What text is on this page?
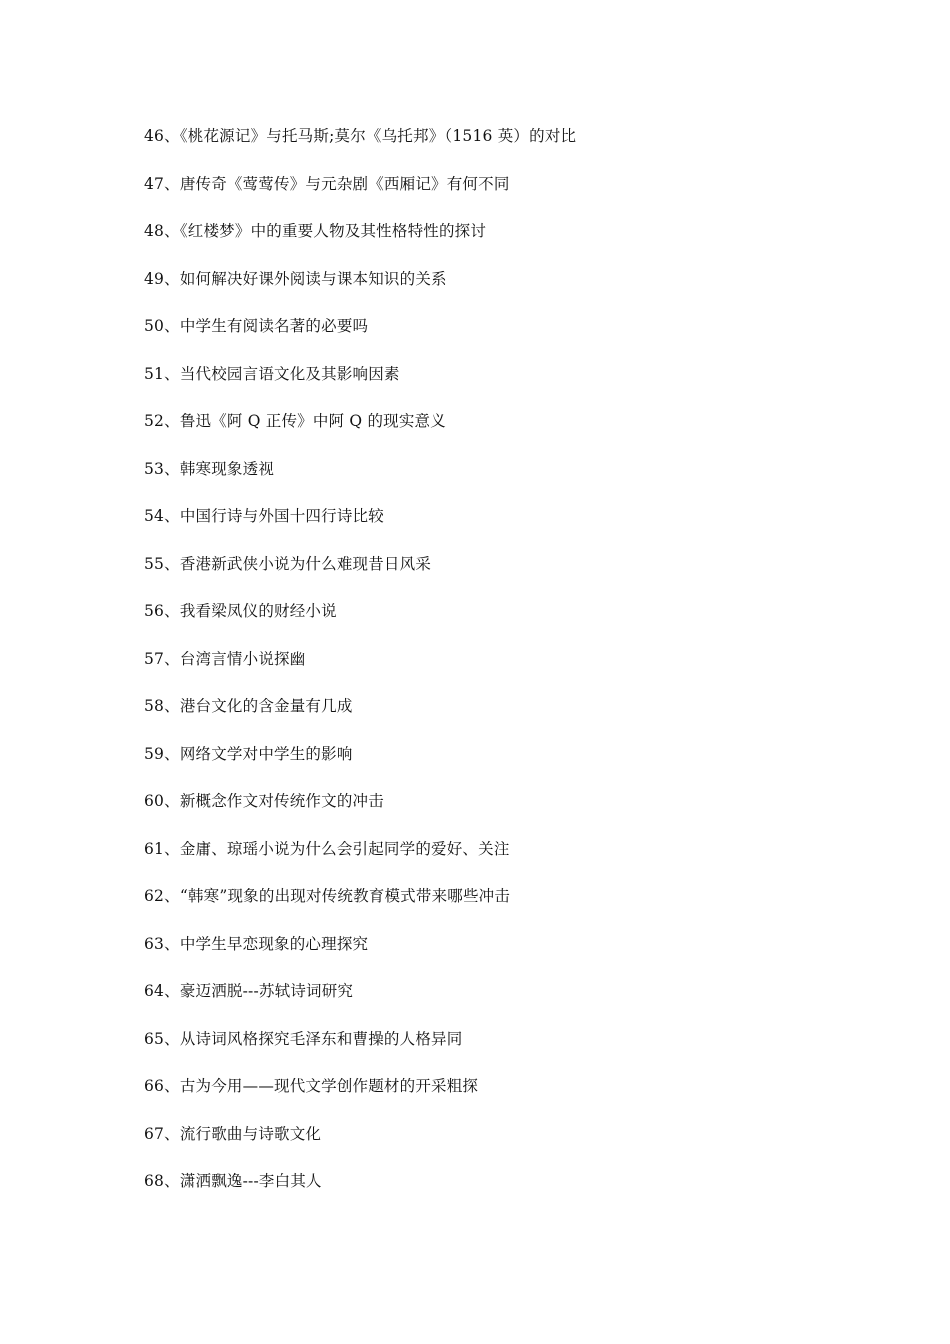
46、《桃花源记》与托马斯;莫尔《乌托邦》（1516 英）的对比
47、唐传奇《莺莺传》与元杂剧《西厢记》有何不同
48、《红楼梦》中的重要人物及其性格特性的探讨
49、如何解决好课外阅读与课本知识的关系
50、中学生有阅读名著的必要吗
51、当代校园言语文化及其影响因素
52、鲁迅《阿 Q 正传》中阿 Q 的现实意义
53、韩寒现象透视
54、中国行诗与外国十四行诗比较
55、香港新武侠小说为什么难现昔日风采
56、我看梁凤仪的财经小说
57、台湾言情小说探幽
58、港台文化的含金量有几成
59、网络文学对中学生的影响
60、新概念作文对传统作文的冲击
61、金庸、琼瑶小说为什么会引起同学的爱好、关注
62、“韩寒”现象的出现对传统教育模式带来哪些冲击
63、中学生早恋现象的心理探究
64、豪迈洒脱---苏轼诗词研究
65、从诗词风格探究毛泽东和曹操的人格异同
66、古为今用——现代文学创作题材的开采粗探
67、流行歌曲与诗歌文化
68、潇洒飘逸---李白其人
